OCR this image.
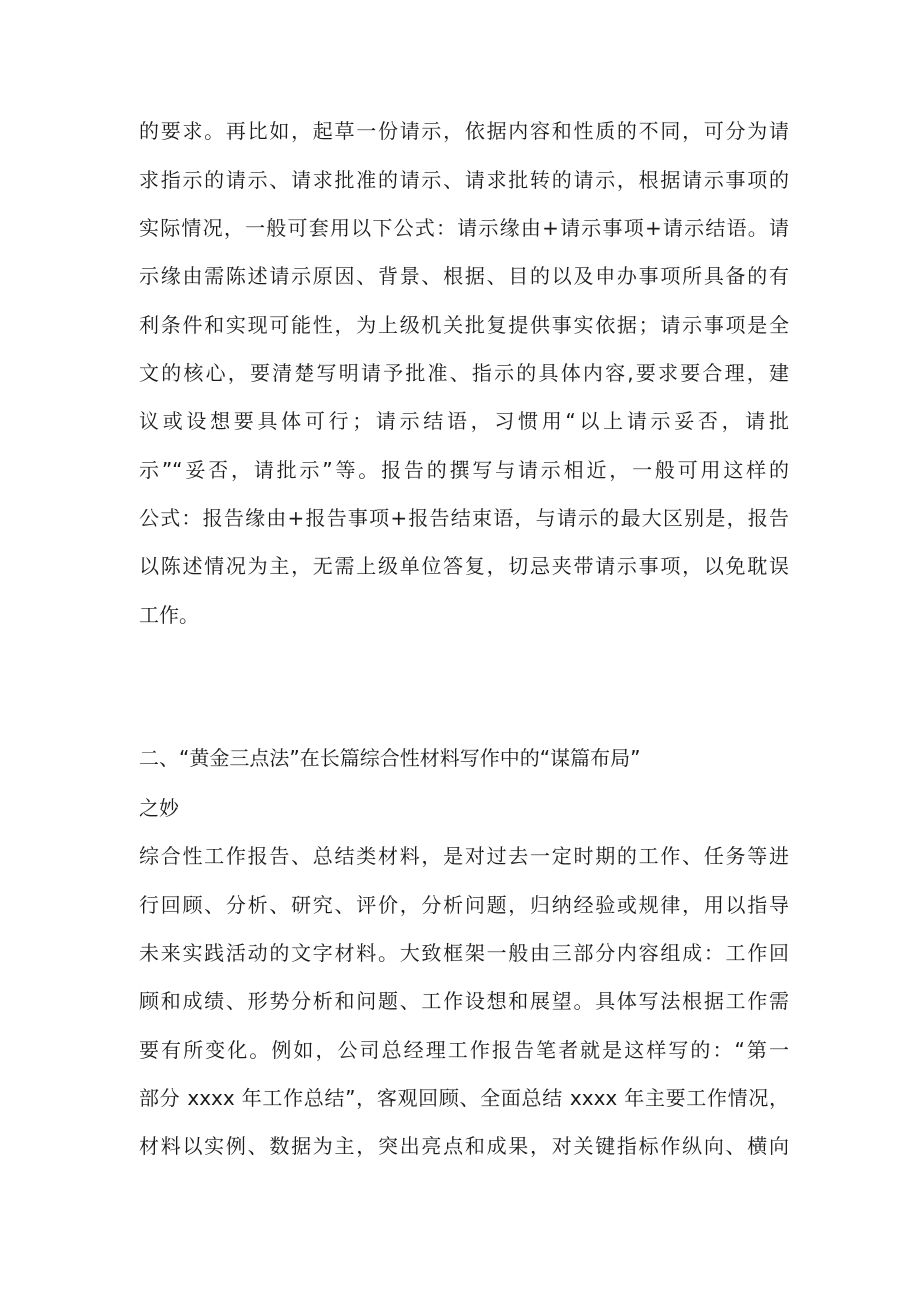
的要求。再比如，起草一份请示，依据内容和性质的不同，可分为请
求指示的请示、请求批准的请示、请求批转的请示，根据请示事项的
实际情况，一般可套用以下公式：请示缘由+请示事项+请示结语。请
示缘由需陈述请示原因、背景、根据、目的以及申办事项所具备的有
利条件和实现可能性，为上级机关批复提供事实依据；请示事项是全
文的核心，要清楚写明请予批准、指示的具体内容,要求要合理，建
议或设想要具体可行；请示结语，习惯用“以上请示妥否，请批
示”“妥否，请批示”等。报告的撰写与请示相近，一般可用这样的
公式：报告缘由+报告事项+报告结束语，与请示的最大区别是，报告
以陈述情况为主，无需上级单位答复，切忌夹带请示事项，以免耽误
工作。
二、“黄金三点法”在长篇综合性材料写作中的“谋篇布局”
之妙
综合性工作报告、总结类材料，是对过去一定时期的工作、任务等进
行回顾、分析、研究、评价，分析问题，归纳经验或规律，用以指导
未来实践活动的文字材料。大致框架一般由三部分内容组成：工作回
顾和成绩、形势分析和问题、工作设想和展望。具体写法根据工作需
要有所变化。例如，公司总经理工作报告笔者就是这样写的：“第一
部分 xxxx 年工作总结”，客观回顾、全面总结 xxxx 年主要工作情况，
材料以实例、数据为主，突出亮点和成果，对关键指标作纵向、横向
